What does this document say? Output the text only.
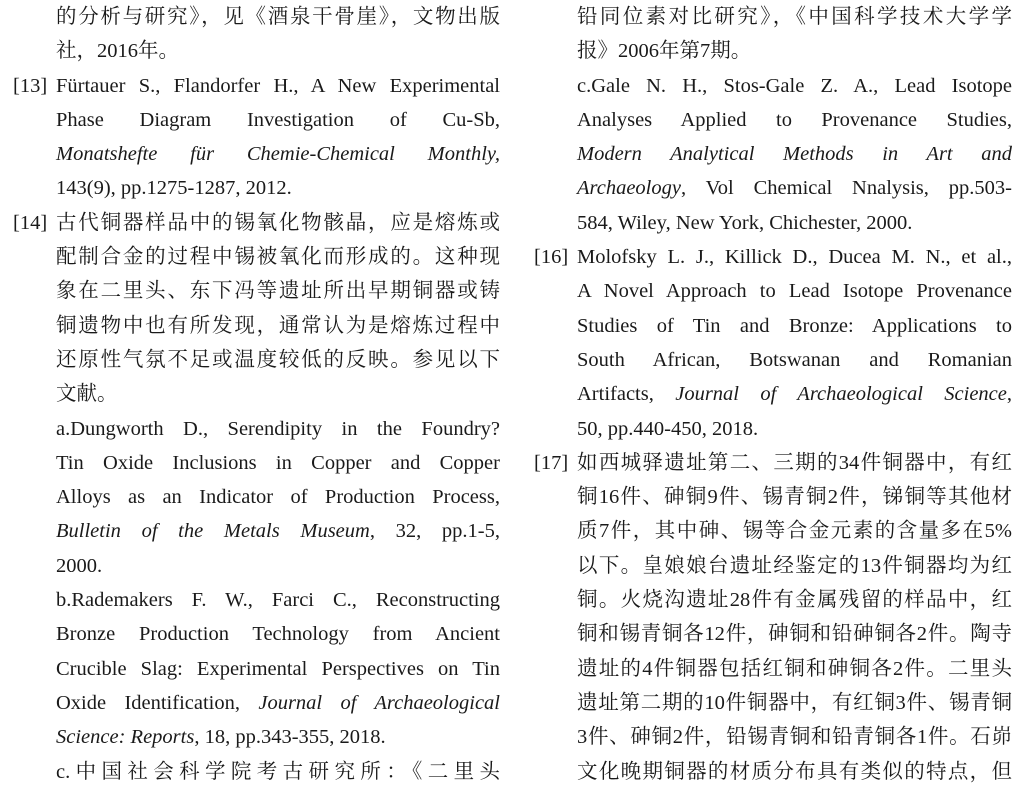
的分析与研究》，见《酒泉干骨崖》，文物出版
社，2016年。
[13] Fürtauer S., Flandorfer H., A New Experimental
Phase Diagram Investigation of Cu-Sb,
Monatshefte für Chemie-Chemical Monthly,
143(9), pp.1275-1287, 2012.
[14] 古代铜器样品中的锡氧化物骸晶，应是熔炼或
配制合金的过程中锡被氧化而形成的。这种现
象在二里头、东下冯等遗址所出早期铜器或铸
铜遗物中也有所发现，通常认为是熔炼过程中
还原性气氛不足或温度较低的反映。参见以下
文献。
a.Dungworth D., Serendipity in the Foundry?
Tin Oxide Inclusions in Copper and Copper
Alloys as an Indicator of Production Process,
Bulletin of the Metals Museum, 32, pp.1-5,
2000.
b.Rademakers F. W., Farci C., Reconstructing
Bronze Production Technology from Ancient
Crucible Slag: Experimental Perspectives on Tin
Oxide Identification, Journal of Archaeological
Science: Reports, 18, pp.343-355, 2018.
c.中国社会科学院考古研究所：《二里头
铅同位素对比研究》，《中国科学技术大学学
报》2006年第7期。
c.Gale N. H., Stos-Gale Z. A., Lead Isotope
Analyses Applied to Provenance Studies,
Modern Analytical Methods in Art and
Archaeology, Vol Chemical Nnalysis, pp.503-
584, Wiley, New York, Chichester, 2000.
[16] Molofsky L. J., Killick D., Ducea M. N., et al.,
A Novel Approach to Lead Isotope Provenance
Studies of Tin and Bronze: Applications to
South African, Botswanan and Romanian
Artifacts, Journal of Archaeological Science,
50, pp.440-450, 2018.
[17] 如西城驿遗址第二、三期的34件铜器中，有红
铜16件、砷铜9件、锡青铜2件，锑铜等其他材
质7件，其中砷、锡等合金元素的含量多在5%
以下。皇娘娘台遗址经鉴定的13件铜器均为红
铜。火烧沟遗址28件有金属残留的样品中，红
铜和锡青铜各12件，砷铜和铅砷铜各2件。陶寺
遗址的4件铜器包括红铜和砷铜各2件。二里头
遗址第二期的10件铜器中，有红铜3件、锡青铜
3件、砷铜2件，铅锡青铜和铅青铜各1件。石峁
文化晚期铜器的材质分布具有类似的特点，但
